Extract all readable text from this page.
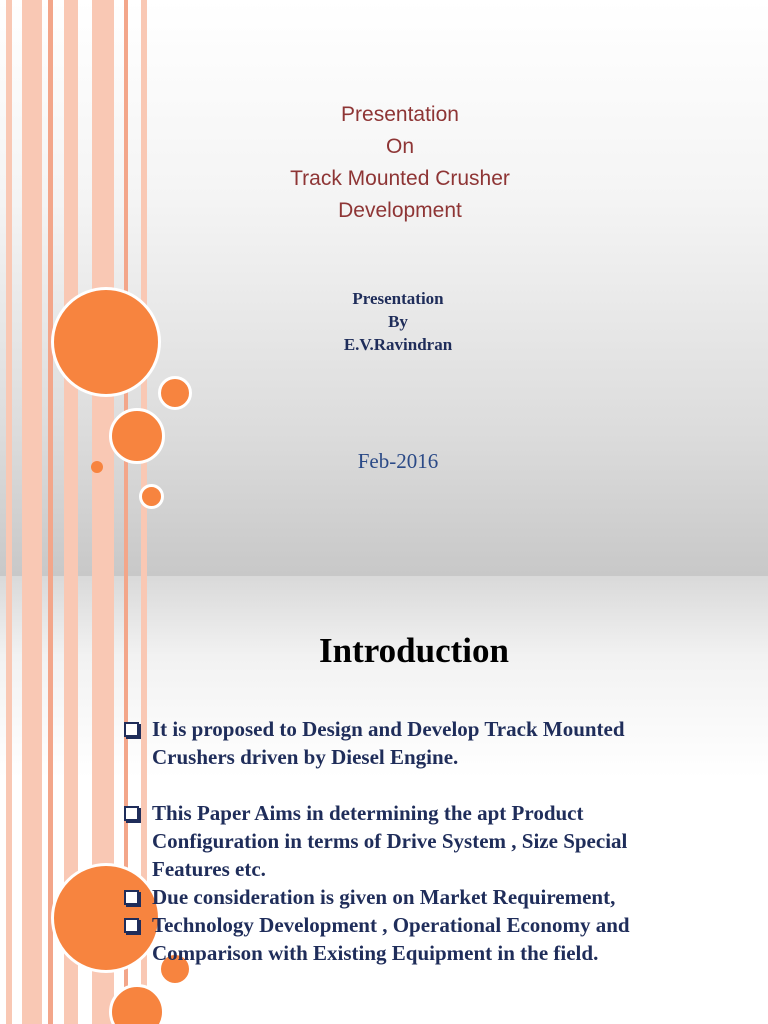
Presentation
On
Track Mounted Crusher
Development
Presentation
By
E.V.Ravindran
Feb-2016
Introduction
It is proposed to Design and Develop Track Mounted Crushers driven by Diesel Engine.
This Paper Aims in determining the apt Product Configuration in terms of Drive System , Size Special Features etc.
Due consideration is given on Market Requirement,
Technology Development , Operational Economy and Comparison with Existing Equipment in the field.
